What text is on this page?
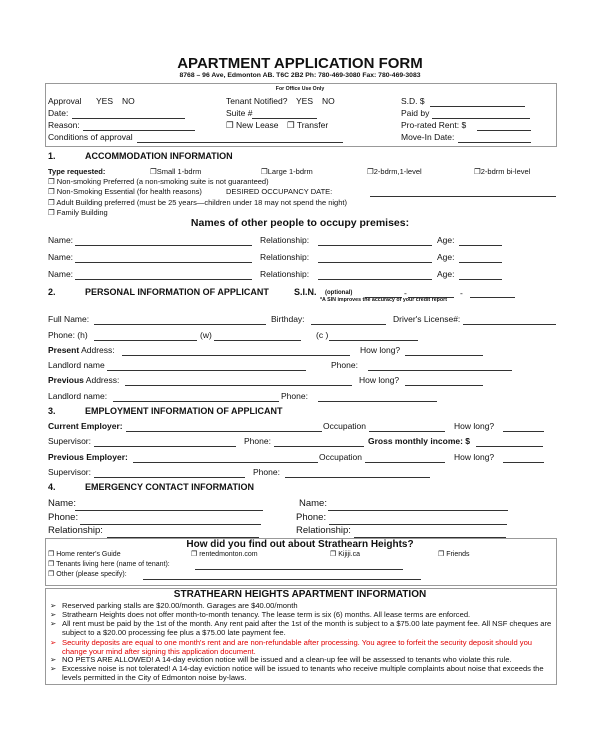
APARTMENT APPLICATION FORM
8768 – 96 Ave, Edmonton AB. T6C 2B2 Ph: 780-469-3080 Fax: 780-469-3083
For Office Use Only
Approval YES NO
Date:
Reason:
Conditions of approval
Tenant Notified? YES NO
Suite #
❐ New Lease ❐ Transfer
S.D. $
Paid by
Pro-rated Rent: $
Move-In Date:
1.	ACCOMMODATION INFORMATION
Type requested:	❐Small 1-bdrm	❐Large 1-bdrm	❐2-bdrm,1-level	❐2-bdrm bi-level
❐ Non-smoking Preferred (a non-smoking suite is not guaranteed)
❐ Non-Smoking Essential (for health reasons)	DESIRED OCCUPANCY DATE:
❐ Adult Building preferred (must be 25 years—children under 18 may not spend the night)
❐ Family Building
Names of other people to occupy premises:
Name:	Relationship:	Age:
Name:	Relationship:	Age:
Name:	Relationship:	Age:
2.	PERSONAL INFORMATION OF APPLICANT	S.I.N. (optional)	-	-
*A SIN improves the accuracy of your credit report
Full Name:	Birthday:	Driver's License#:
Phone: (h)	(w)	(c )
Present Address:	How long?
Landlord name	Phone:
Previous Address:	How long?
Landlord name:	Phone:
3.	EMPLOYMENT INFORMATION OF APPLICANT
Current Employer:	Occupation	How long?
Supervisor:	Phone:	Gross monthly income: $
Previous Employer:	Occupation	How long?
Supervisor:	Phone:
4.	EMERGENCY CONTACT INFORMATION
Name:	Name:
Phone:	Phone:
Relationship:	Relationship:
How did you find out about Strathearn Heights?
❐ Home renter's Guide	❐ rentedmonton.com	❐ Kijiji.ca	❐ Friends
❐ Tenants living here (name of tenant):
❐ Other (please specify):
STRATHEARN HEIGHTS APARTMENT INFORMATION
➢ Reserved parking stalls are $20.00/month. Garages are $40.00/month
➢ Strathearn Heights does not offer month-to-month tenancy. The lease term is six (6) months. All lease terms are enforced.
➢ All rent must be paid by the 1st of the month. Any rent paid after the 1st of the month is subject to a $75.00 late payment fee. All NSF cheques are subject to a $20.00 processing fee plus a $75.00 late payment fee.
➢ Security deposits are equal to one month's rent and are non-refundable after processing. You agree to forfeit the security deposit should you change your mind after signing this application document.
➢ NO PETS ARE ALLOWED! A 14-day eviction notice will be issued and a clean-up fee will be assessed to tenants who violate this rule.
➢ Excessive noise is not tolerated! A 14-day eviction notice will be issued to tenants who receive multiple complaints about noise that exceeds the levels permitted in the City of Edmonton noise by-laws.
